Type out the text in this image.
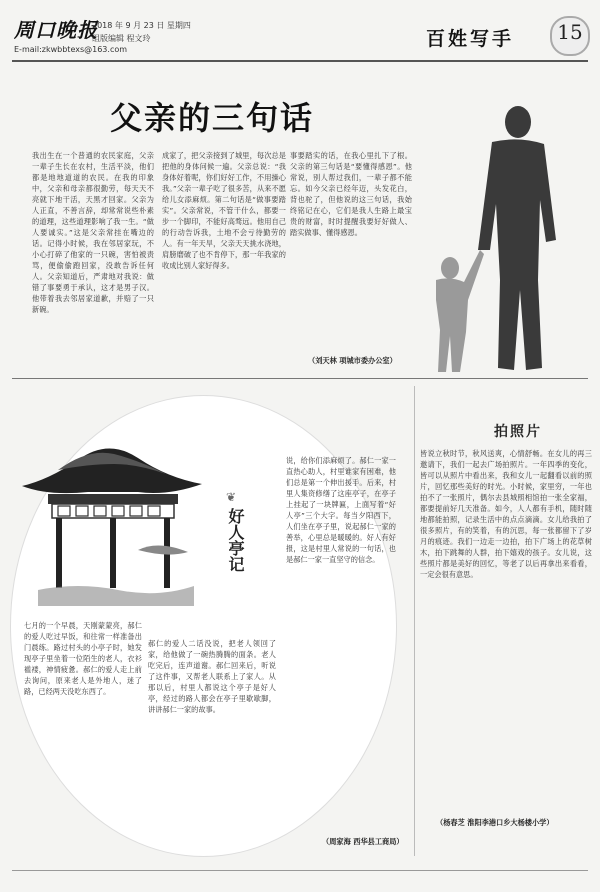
周口晚报
2018 年 9 月 23 日 星期四
组版编辑 程文玲
E-mail:zkwbbtexs@163.com	百姓写手	15
父亲的三句话
我出生在一个普通的农民家庭，父亲一辈子生长在农村，生活平淡，他们都是地地道道的农民。在我的印象中，父亲和母亲都很勤劳，每天天不亮就下地干活，天黑才回家。父亲为人正直，不善言辞，却常常说些朴素的道理，这些道理影响了我一生。“做人要诚实。”这是父亲常挂在嘴边的话。记得小时候，我在邻居家玩，不小心打碎了他家的一只碗，害怕被责骂，便偷偷跑回家，没敢告诉任何人。父亲知道后，严肃地对我说：做错了事要勇于承认，这才是男子汉。他带着我去邻居家道歉，并赔了一只新碗。
成家了，把父亲接到了城里，每次总是把他的身体问候一遍。父亲总说：“我身体好着呢，你们好好工作，不用操心我。”父亲一辈子吃了很多苦，从来不愿给儿女添麻烦。第二句话是“做事要踏实”。父亲常说，不管干什么，都要一步一个脚印，不能好高骛远。他用自己的行动告诉我，土地不会亏待勤劳的人。有一年天旱，父亲天天挑水浇地，肩膀磨破了也不肯停下，那一年我家的收成比别人家好得多。
事要踏实的话，在我心里扎下了根。父亲的第三句话是“要懂得感恩”。他常说，别人帮过我们，一辈子都不能忘。如今父亲已经年迈，头发花白，背也驼了，但他说的这三句话，我始终铭记在心，它们是我人生路上最宝贵的财富，时时提醒我要好好做人、踏实做事、懂得感恩。
（刘天林 项城市委办公室）
❦
好人亭记
七月的一个早晨，天刚蒙蒙亮，郝仁的爱人吃过早饭，和往常一样准备出门晨练。路过村头的小亭子时，她发现亭子里坐着一位陌生的老人，衣衫褴褛，神情疲惫。郝仁的爱人走上前去询问，原来老人是外地人，迷了路，已经两天没吃东西了。
郝仁的爱人二话没说，把老人领回了家，给他做了一碗热腾腾的面条。老人吃完后，连声道谢。郝仁回来后，听说了这件事，又帮老人联系上了家人。从那以后，村里人都说这个亭子是好人亭，经过的路人都会在亭子里歇歇脚，讲讲郝仁一家的故事。
说，给你们添麻烦了。郝仁一家一直热心助人，村里谁家有困难，他们总是第一个伸出援手。后来，村里人集资修缮了这座亭子，在亭子上挂起了一块牌匾，上面写着“好人亭”三个大字。每当夕阳西下，人们坐在亭子里，说起郝仁一家的善举，心里总是暖暖的。好人有好报，这是村里人常说的一句话，也是郝仁一家一直坚守的信念。
（周家海 西华县工商局）
拍照片
皆说立秋时节，秋风送爽，心情舒畅。在女儿的再三邀请下，我们一起去广场拍照片。一年四季的变化，皆可以从照片中看出来，我和女儿一起翻看以前的照片，回忆那些美好的时光。小时候，家里穷，一年也拍不了一张照片，偶尔去县城照相馆拍一张全家福，都要提前好几天准备。如今，人人都有手机，随时随地都能拍照，记录生活中的点点滴滴。女儿给我拍了很多照片，有的笑着，有的沉思，每一张都留下了岁月的痕迹。我们一边走一边拍，拍下广场上的花草树木，拍下跳舞的人群，拍下嬉戏的孩子。女儿说，这些照片都是美好的回忆，等老了以后再拿出来看看，一定会很有意思。
（杨春芝 淮阳李港口乡大杨楼小学）
